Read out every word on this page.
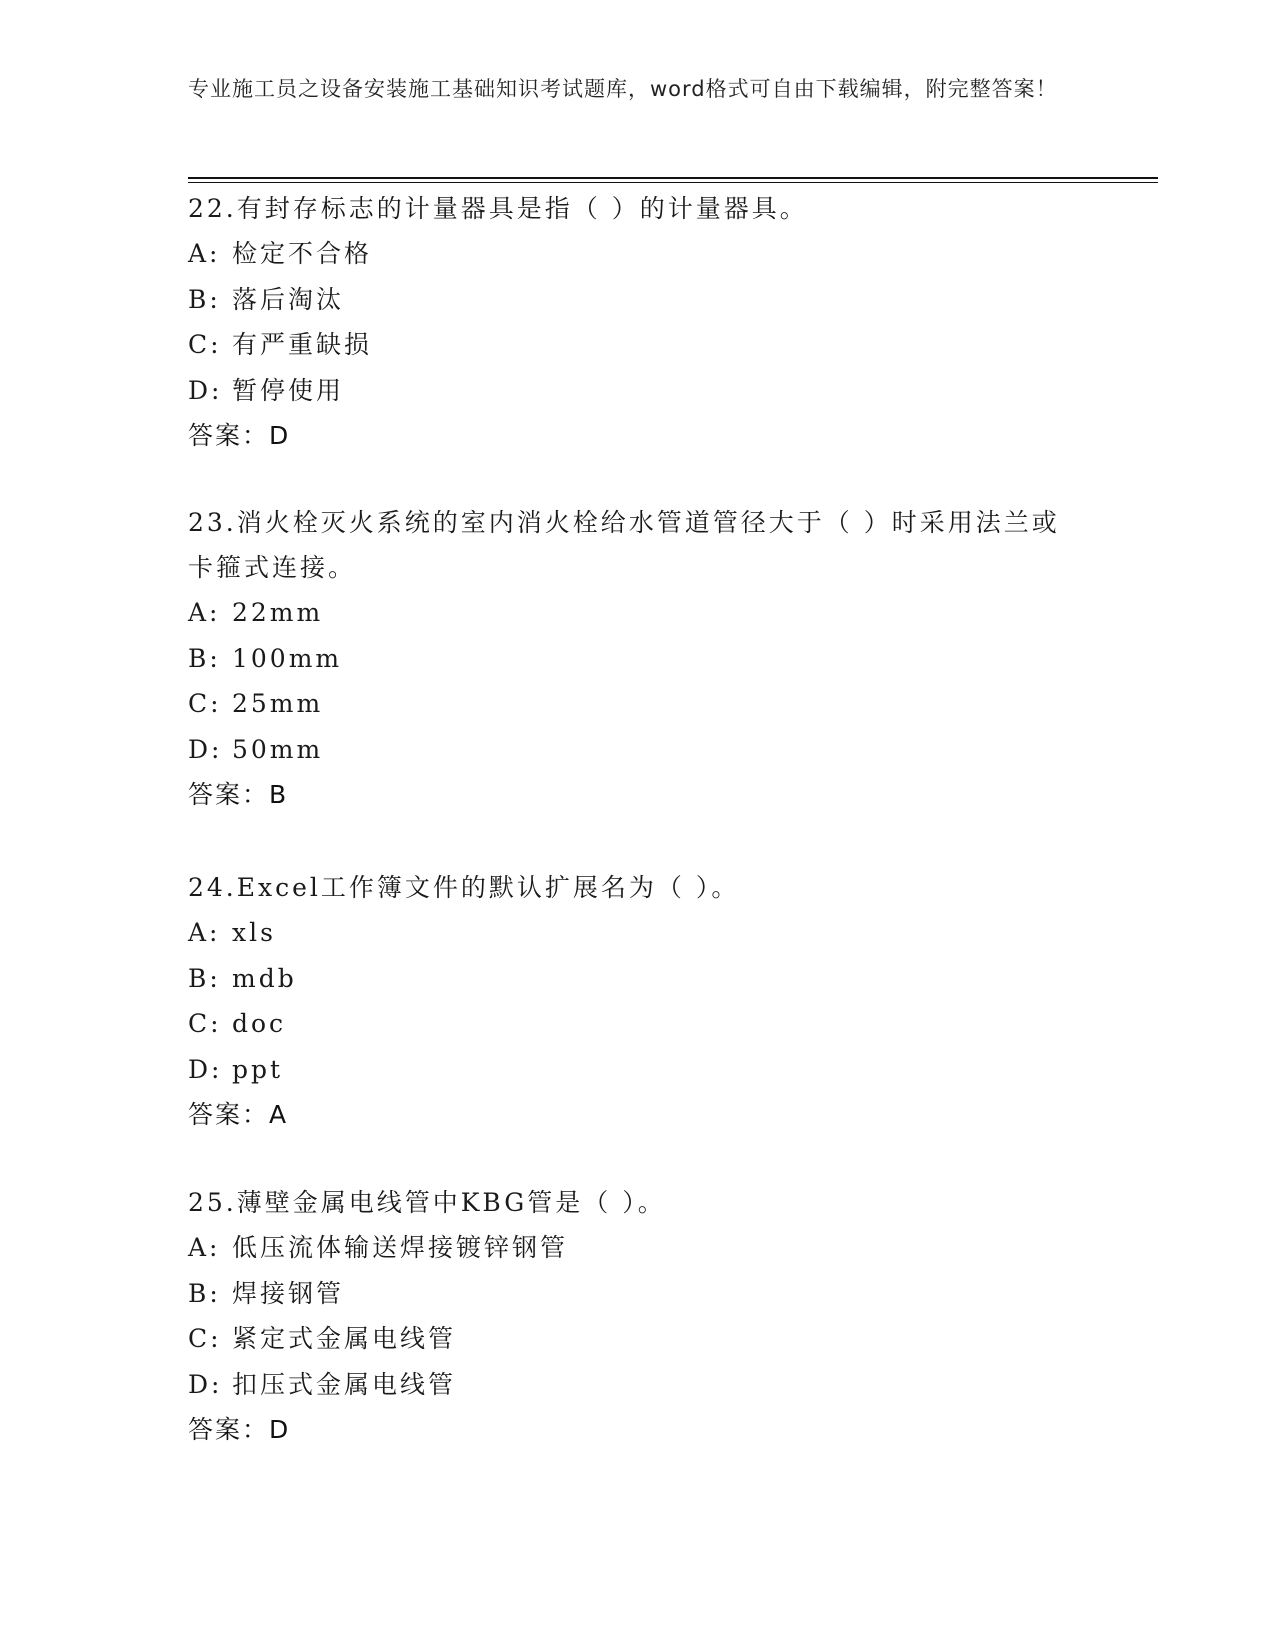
专业施工员之设备安装施工基础知识考试题库，word格式可自由下载编辑，附完整答案！
22.有封存标志的计量器具是指（ ）的计量器具。
A: 检定不合格
B: 落后淘汰
C: 有严重缺损
D: 暂停使用
答案：D
23.消火栓灭火系统的室内消火栓给水管道管径大于（ ）时采用法兰或卡箍式连接。
A: 22mm
B: 100mm
C: 25mm
D: 50mm
答案：B
24.Excel工作簿文件的默认扩展名为（ ）。
A: xls
B: mdb
C: doc
D: ppt
答案：A
25.薄壁金属电线管中KBG管是（ ）。
A: 低压流体输送焊接镀锌钢管
B: 焊接钢管
C: 紧定式金属电线管
D: 扣压式金属电线管
答案：D
